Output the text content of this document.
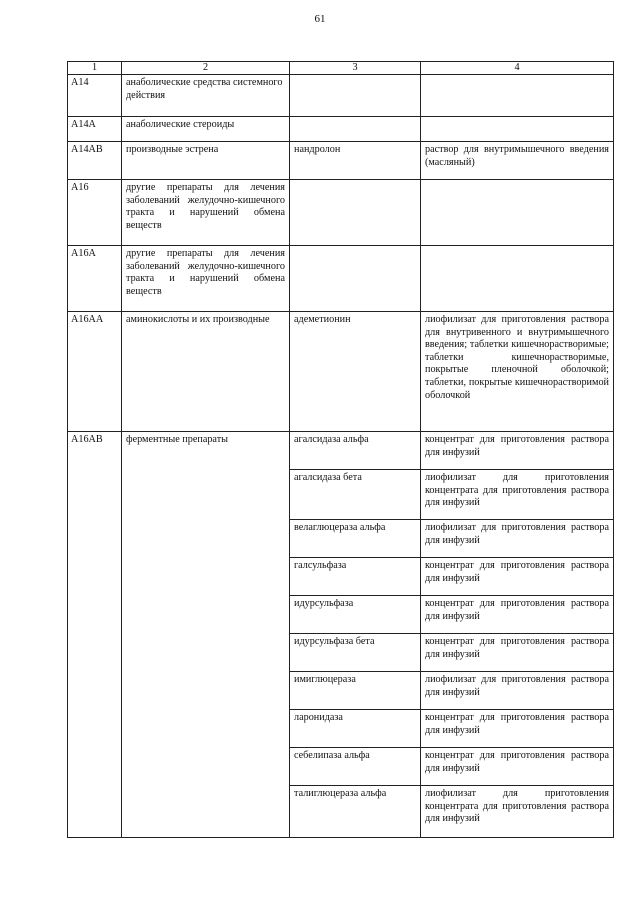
61
1	2	3	4
A14	анаболические средства системного действия		
A14A	анаболические стероиды		
A14AB	производные эстрена	нандролон	раствор для внутримышечного введения (масляный)
A16	другие препараты для лечения заболеваний желудочно-кишечного тракта и нарушений обмена веществ		
A16A	другие препараты для лечения заболеваний желудочно-кишечного тракта и нарушений обмена веществ		
A16AA	аминокислоты и их производные	адеметионин	лиофилизат для приготовления раствора для внутривенного и внутримышечного введения; таблетки кишечнорастворимые; таблетки кишечнорастворимые, покрытые пленочной оболочкой; таблетки, покрытые кишечнорастворимой оболочкой
A16AB	ферментные препараты	агалсидаза альфа	концентрат для приготовления раствора для инфузий
		агалсидаза бета	лиофилизат для приготовления концентрата для приготовления раствора для инфузий
		велаглюцераза альфа	лиофилизат для приготовления раствора для инфузий
		галсульфаза	концентрат для приготовления раствора для инфузий
		идурсульфаза	концентрат для приготовления раствора для инфузий
		идурсульфаза бета	концентрат для приготовления раствора для инфузий
		имиглюцераза	лиофилизат для приготовления раствора для инфузий
		ларонидаза	концентрат для приготовления раствора для инфузий
		себелипаза альфа	концентрат для приготовления раствора для инфузий
		талиглюцераза альфа	лиофилизат для приготовления концентрата для приготовления раствора для инфузий
